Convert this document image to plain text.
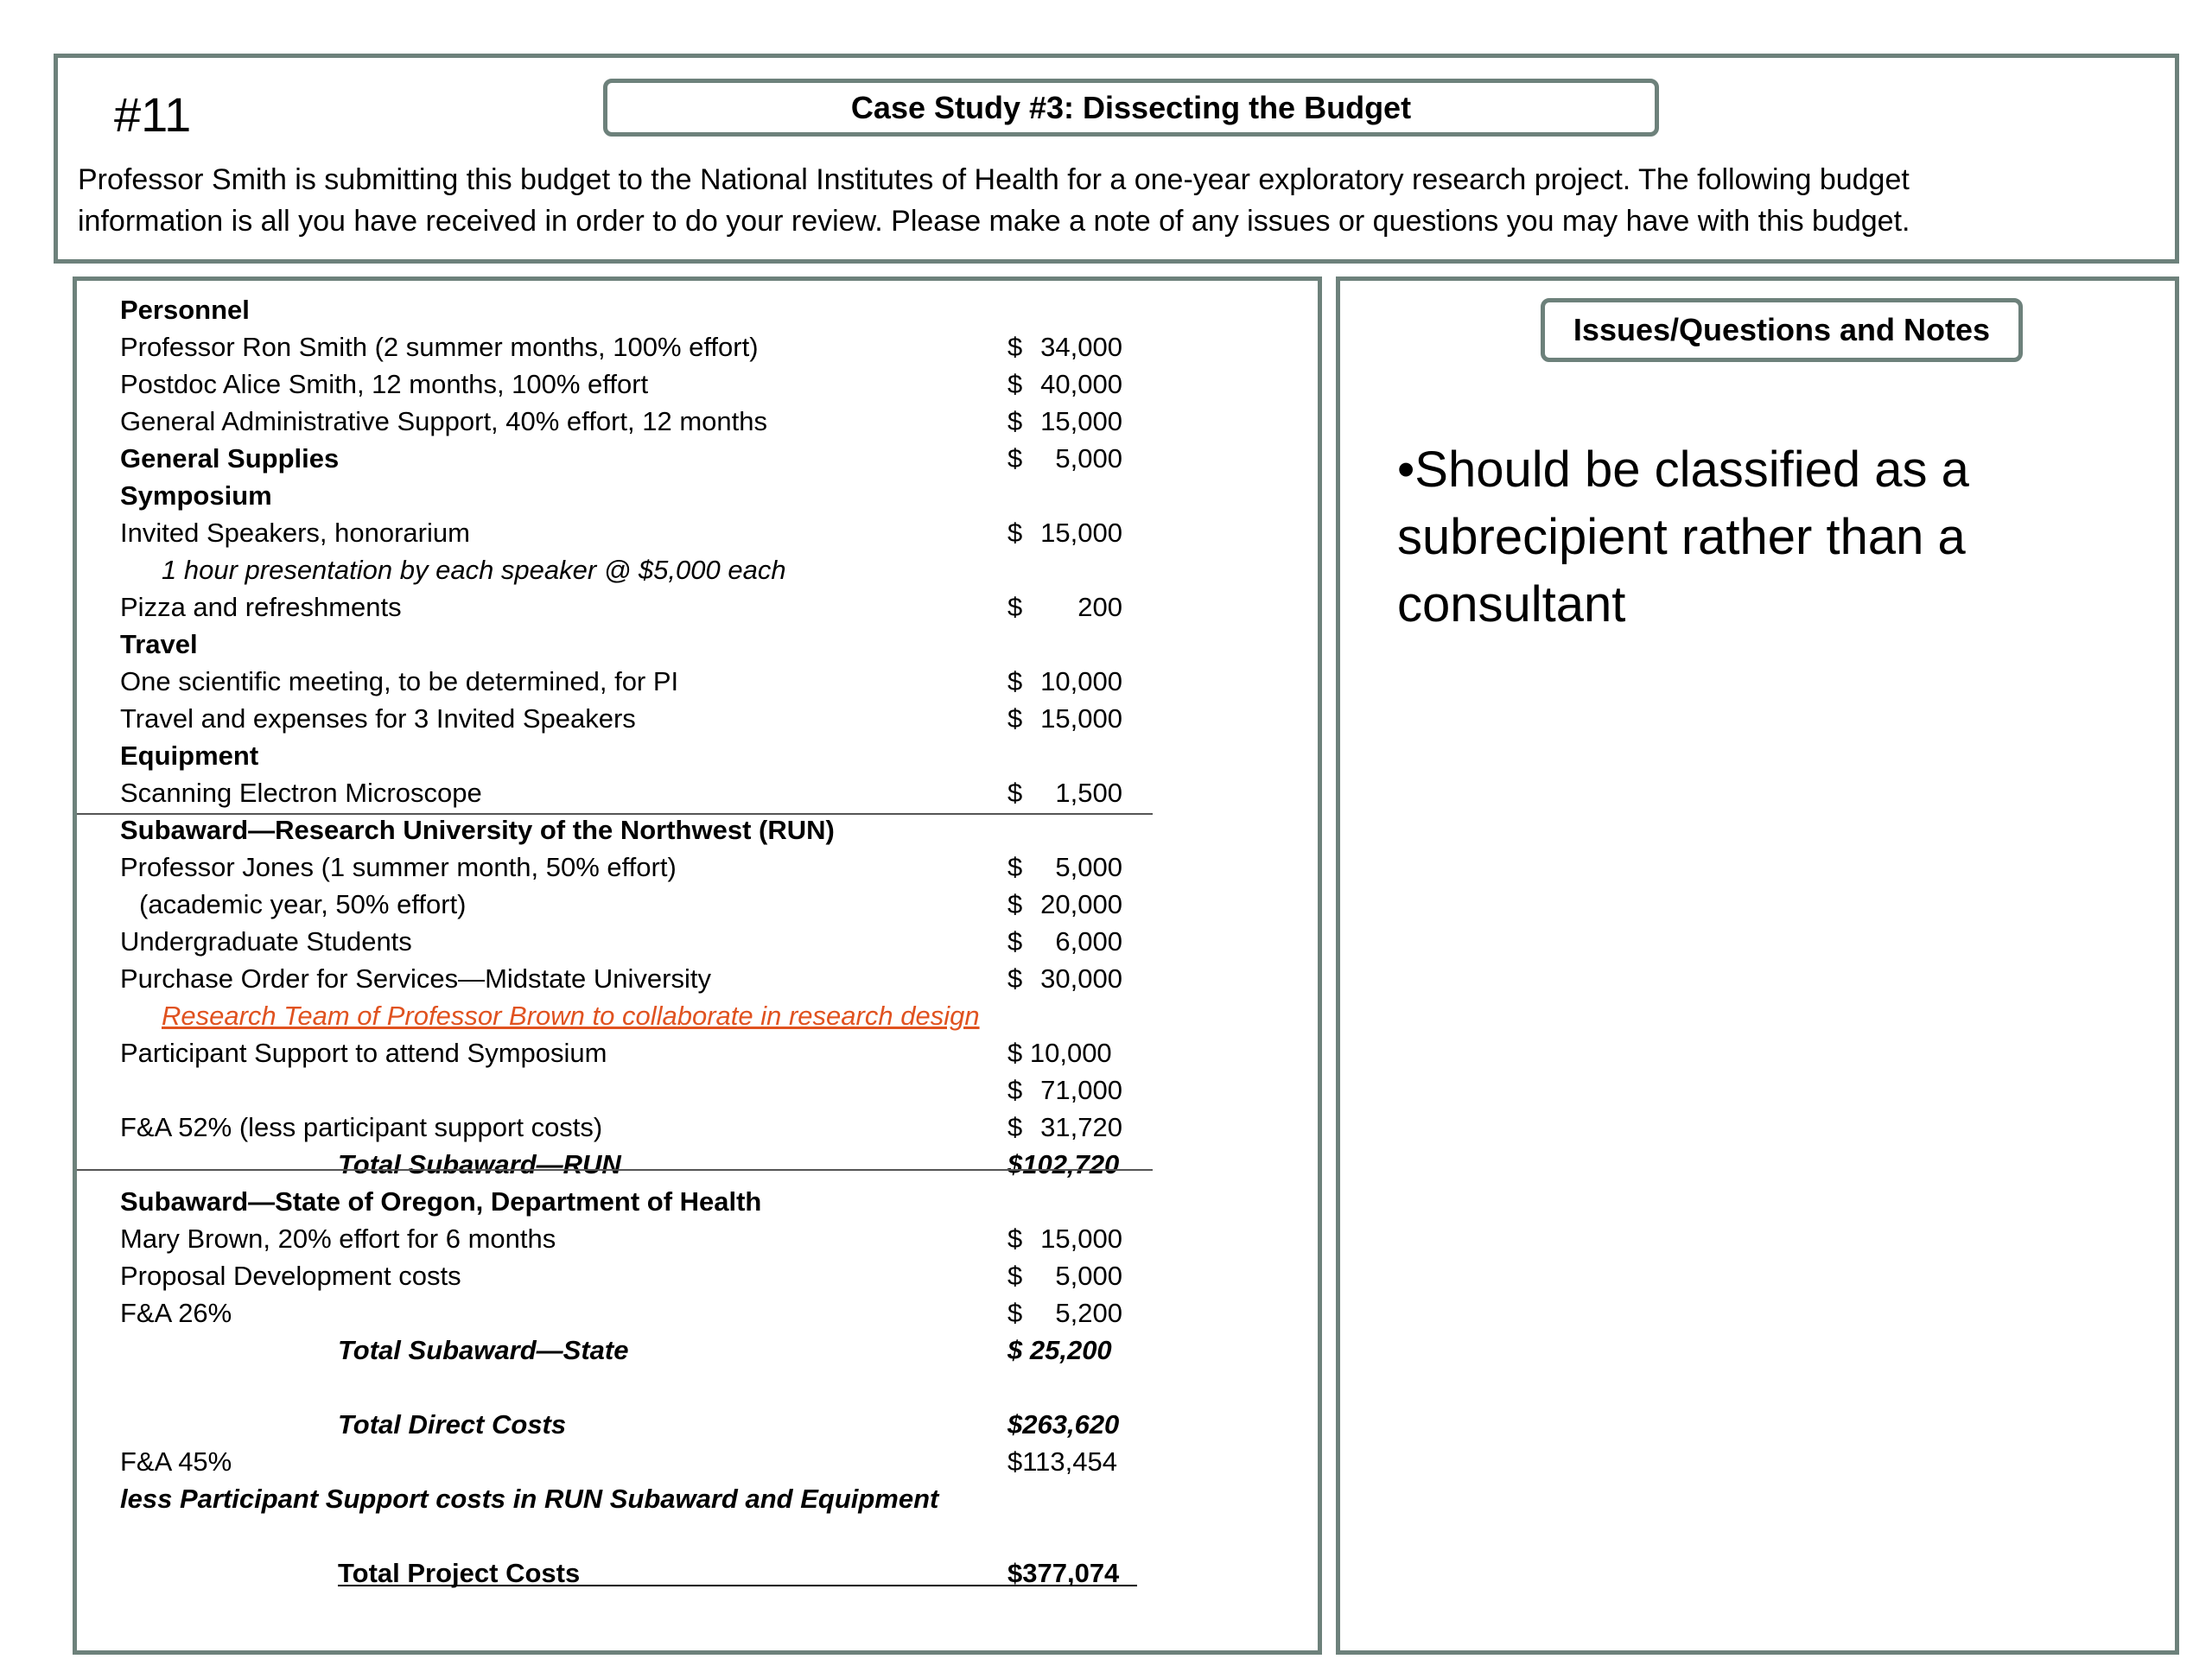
#11	Case Study #3: Dissecting the Budget
Professor Smith is submitting this budget to the National Institutes of Health for a one-year exploratory research project. The following budget
information is all you have received in order to do your review. Please make a note of any issues or questions you may have with this budget.
Personnel
Professor Ron Smith (2 summer months, 100% effort)	$ 34,000
Postdoc Alice Smith, 12 months, 100% effort	$ 40,000
General Administrative Support, 40% effort, 12 months	$ 15,000
General Supplies	$ 5,000
Symposium
Invited Speakers, honorarium	$ 15,000
1 hour presentation by each speaker @ $5,000 each
Pizza and refreshments	$ 200
Travel
One scientific meeting, to be determined, for PI	$ 10,000
Travel and expenses for 3 Invited Speakers	$ 15,000
Equipment
Scanning Electron Microscope	$ 1,500
Subaward—Research University of the Northwest (RUN)
Professor Jones (1 summer month, 50% effort)	$ 5,000
(academic year, 50% effort)	$ 20,000
Undergraduate Students	$ 6,000
Purchase Order for Services—Midstate University	$ 30,000
Research Team of Professor Brown to collaborate in research design
Participant Support to attend Symposium	$ 10,000
$ 71,000
F&A 52% (less participant support costs)	$ 31,720
Total Subaward—RUN	$102,720
Subaward—State of Oregon, Department of Health
Mary Brown, 20% effort for 6 months	$ 15,000
Proposal Development costs	$ 5,000
F&A 26%	$ 5,200
Total Subaward—State	$ 25,200
Total Direct Costs	$263,620
F&A 45%	$113,454
less Participant Support costs in RUN Subaward and Equipment
Total Project Costs	$377,074
Issues/Questions and Notes
•Should be classified as a subrecipient rather than a consultant
